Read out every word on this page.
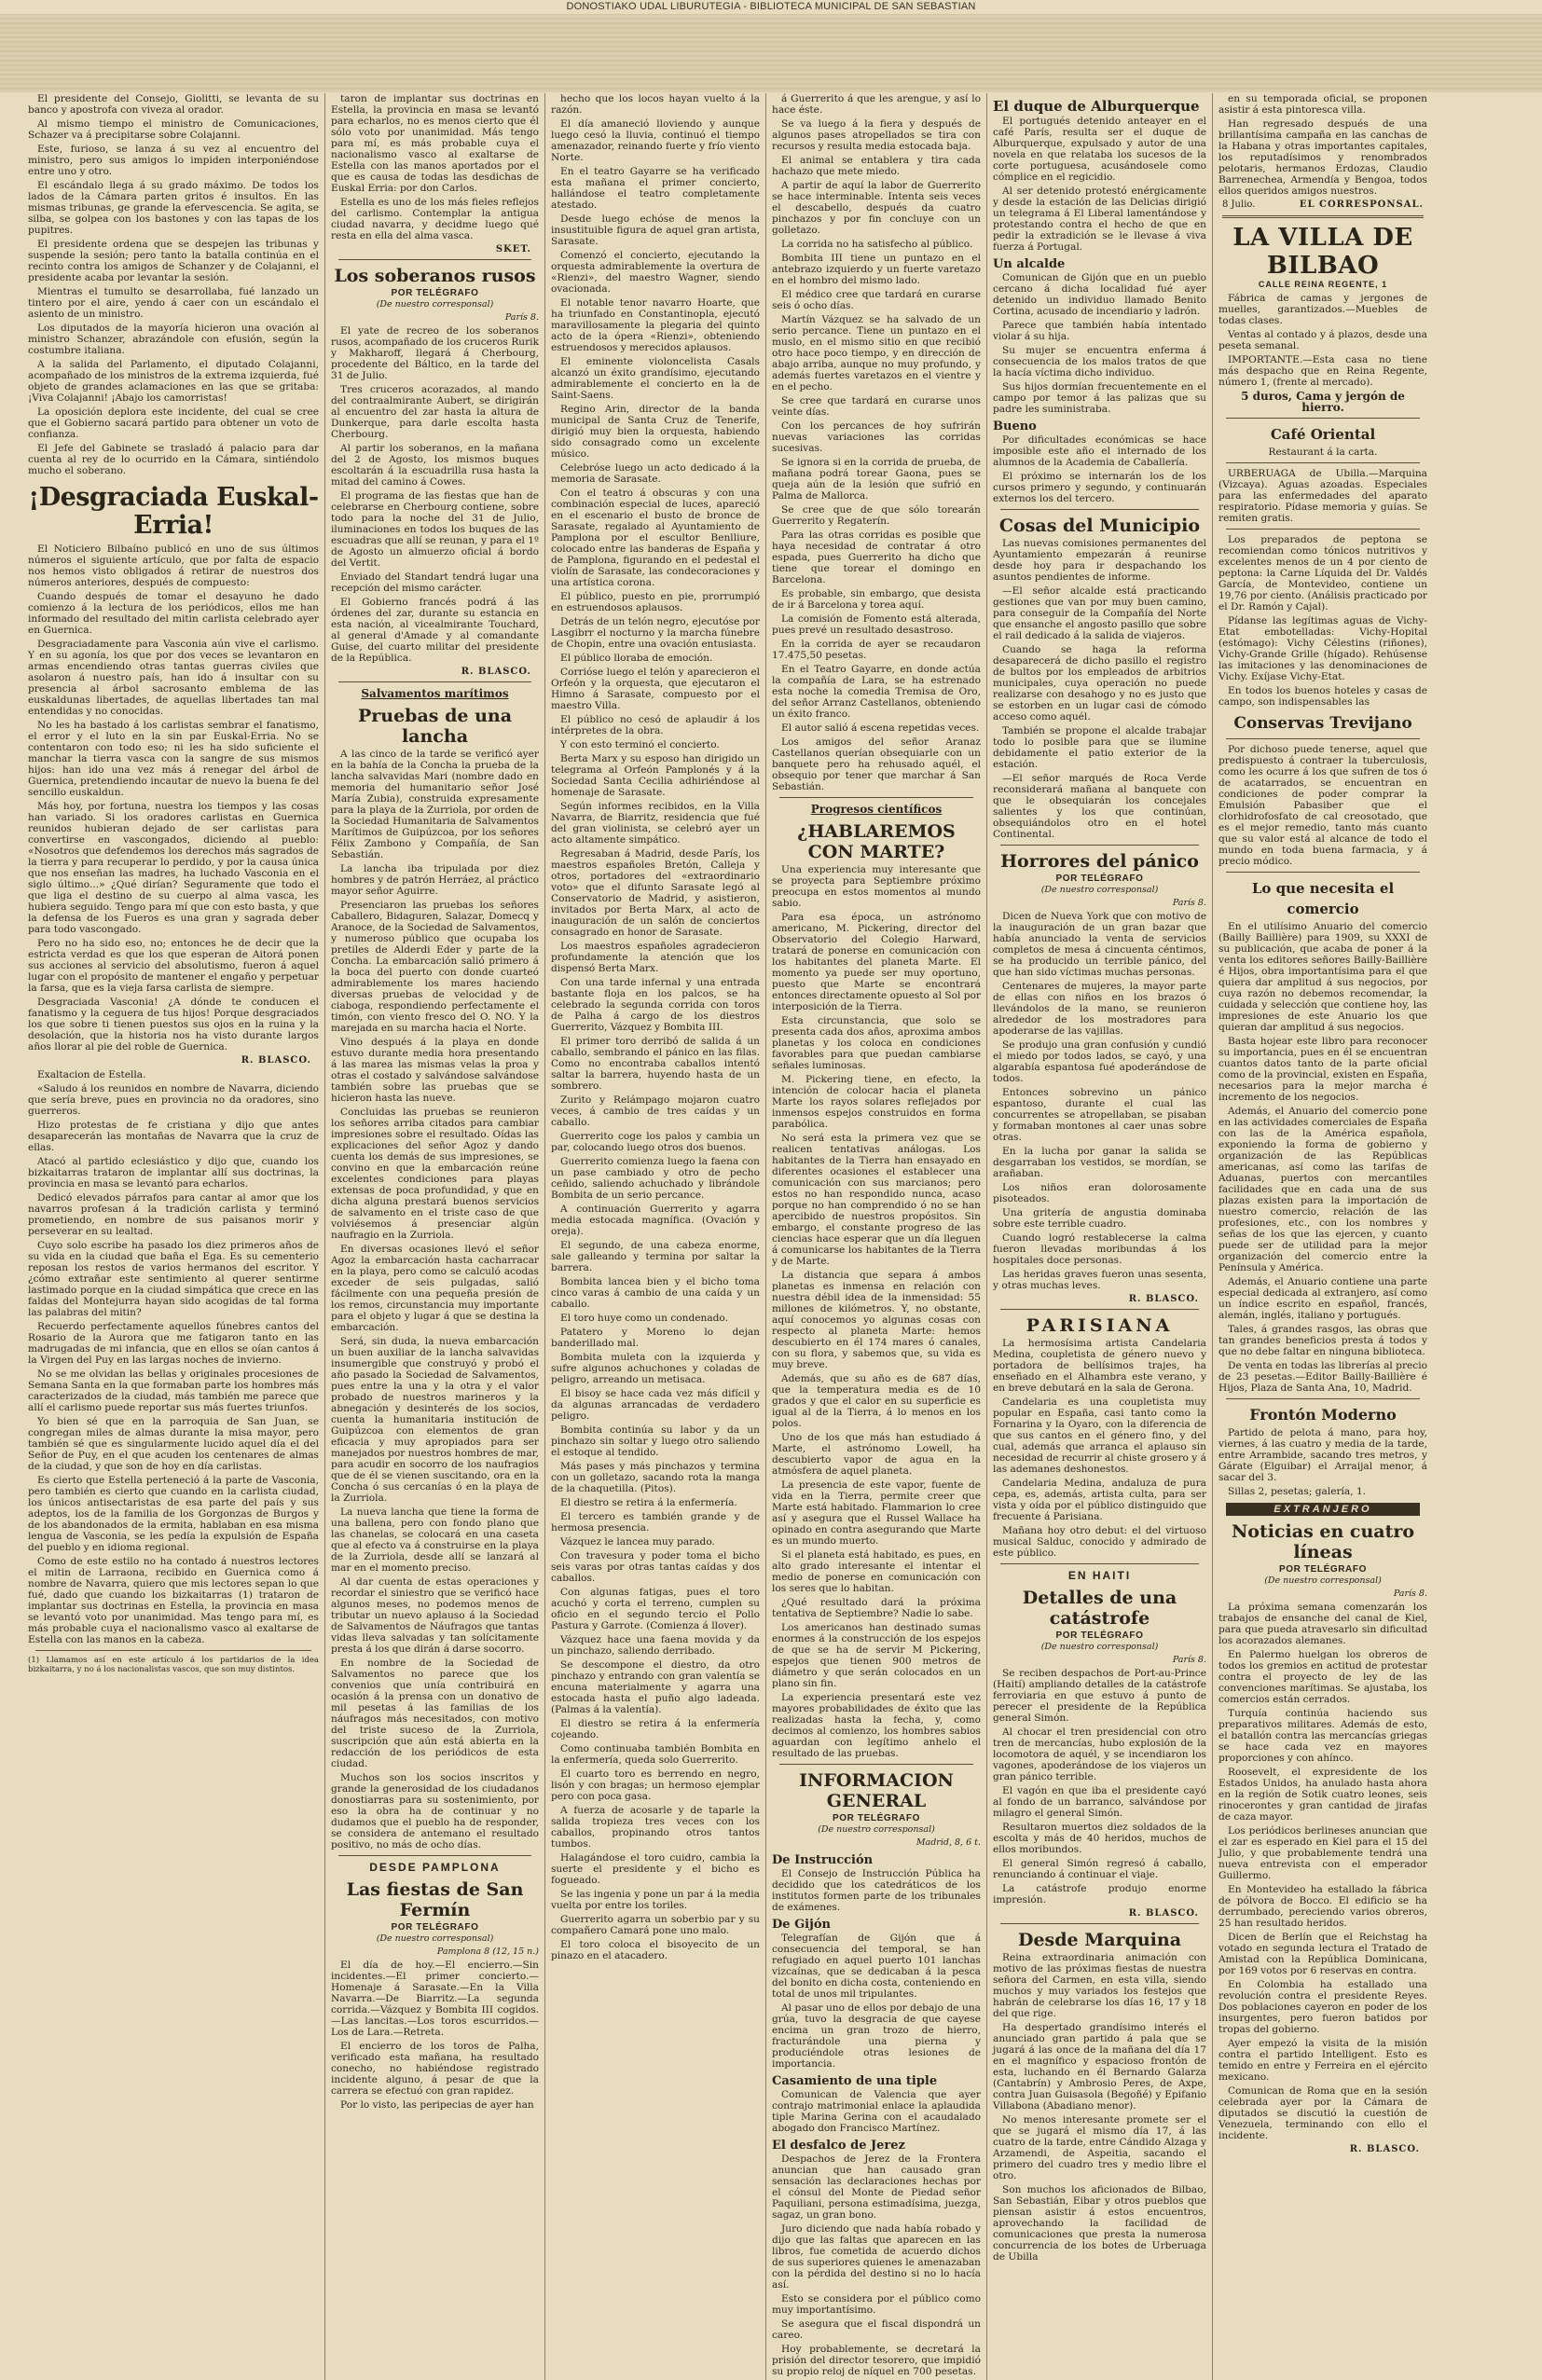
DONOSTIAKO UDAL LIBURUTEGIA - BIBLIOTECA MUNICIPAL DE SAN SEBASTIAN

El presidente del Consejo, Giolitti, se levanta de su banco y apostrofa con viveza al orador.

Al mismo tiempo el ministro de Comunicaciones, Schazer va á precipitarse sobre Colajanni.

Este, furioso, se lanza á su vez al encuentro del ministro, pero sus amigos lo impiden interponiéndose entre uno y otro.

El escándalo llega á su grado máximo. De todos los lados de la Cámara parten gritos é insultos. En las mismas tribunas, ge grande la efervescencia. Se agita, se silba, se golpea con los bastones y con las tapas de los pupitres.

El presidente ordena que se despejen las tribunas y suspende la sesión; pero tanto la batalla continúa en el recinto contra los amigos de Schanzer y de Colajanni, el presidente acaba por levantar la sesión.

Mientras el tumulto se desarrollaba, fué lanzado un tintero por el aire, yendo á caer con un escándalo el asiento de un ministro.

Los diputados de la mayoría hicieron una ovación al ministro Schanzer, abrazándole con efusión, según la costumbre italiana.

A la salida del Parlamento, el diputado Colajanni, acompañado de los ministros de la extrema izquierda, fué objeto de grandes aclamaciones en las que se gritaba: ¡Viva Colajanni! ¡Abajo los camorristas!

La oposición deplora este incidente, del cual se cree que el Gobierno sacará partido para obtener un voto de confianza.

El Jefe del Gabinete se trasladó á palacio para dar cuenta al rey de lo ocurrido en la Cámara, sintiéndolo mucho el soberano.

¡Desgraciada Euskal-Erria!

El Noticiero Bilbaíno publicó en uno de sus últimos números el siguiente artículo, que por falta de espacio nos hemos visto obligados á retirar de nuestros dos números anteriores, después de compuesto:

Cuando después de tomar el desayuno he dado comienzo á la lectura de los periódicos, ellos me han informado del resultado del mitin carlista celebrado ayer en Guernica.

Desgraciadamente para Vasconia aún vive el carlismo. Y en su agonía, los que por dos veces se levantaron en armas encendiendo otras tantas guerras civiles que asolaron á nuestro país, han ido á insultar con su presencia al árbol sacrosanto emblema de las euskaldunas libertades, de aquellas libertades tan mal entendidas y no conocidas.

No les ha bastado á los carlistas sembrar el fanatismo, el error y el luto en la sin par Euskal-Erria. No se contentaron con todo eso; ni les ha sido suficiente el manchar la tierra vasca con la sangre de sus mismos hijos: han ido una vez más á renegar del árbol de Guernica, pretendiendo incautar de nuevo la buena fe del sencillo euskaldun.

Más hoy, por fortuna, nuestra los tiempos y las cosas han variado. Si los oradores carlistas en Guernica reunidos hubieran dejado de ser carlistas para convertirse en vascongados, diciendo al pueblo: «Nosotros que defendemos los derechos más sagrados de la tierra y para recuperar lo perdido, y por la causa única que nos enseñan las madres, ha luchado Vasconia en el siglo último...» ¿Qué dirían? Seguramente que todo el que liga el destino de su cuerpo al alma vasca, les hubiera seguido. Tengo para mí que con esto basta, y que la defensa de los Fueros es una gran y sagrada deber para todo vascongado.

Pero no ha sido eso, no; entonces he de decir que la estricta verdad es que los que esperan de Aitorá ponen sus acciones al servicio del absolutismo, fueron á aquel lugar con el propósito de mantener el engaño y perpetuar la farsa, que es la vieja farsa carlista de siempre.

Desgraciada Vasconia! ¿A dónde te conducen el fanatismo y la ceguera de tus hijos! Porque desgraciados los que sobre ti tienen puestos sus ojos en la ruina y la desolación, que la historia nos ha visto durante largos años llorar al pie del roble de Guernica.

R. BLASCO.

Exaltacion de Estella.

«Saludo á los reunidos en nombre de Navarra, diciendo que sería breve, pues en provincia no da oradores, sino guerreros.

Hizo protestas de fe cristiana y dijo que antes desaparecerán las montañas de Navarra que la cruz de ellas.

Atacó al partido eclesiástico y dijo que, cuando los bizkaitarras trataron de implantar allí sus doctrinas, la provincia en masa se levantó para echarlos.

Dedicó elevados párrafos para cantar al amor que los navarros profesan á la tradición carlista y terminó prometiendo, en nombre de sus paisanos morir y perseverar en su lealtad.

Cuyo solo escribe ha pasado los diez primeros años de su vida en la ciudad que baña el Ega. Es su cementerio reposan los restos de varios hermanos del escritor. Y ¿cómo extrañar este sentimiento al querer sentirme lastimado porque en la ciudad simpática que crece en las faldas del Montejurra hayan sido acogidas de tal forma las palabras del mitin?

Recuerdo perfectamente aquellos fúnebres cantos del Rosario de la Aurora que me fatigaron tanto en las madrugadas de mi infancia, que en ellos se oían cantos á la Virgen del Puy en las largas noches de invierno.

No se me olvidan las bellas y originales procesiones de Semana Santa en la que formaban parte los hombres más caracterizados de la ciudad, más también me parece que allí el carlismo puede reportar sus más fuertes triunfos.

Yo bien sé que en la parroquia de San Juan, se congregan miles de almas durante la misa mayor, pero también sé que es singularmente lucido aquel día el del Señor de Puy, en el que acuden los centenares de almas de la ciudad, y que son de hoy en día carlistas.

Es cierto que Estella perteneció á la parte de Vasconia, pero también es cierto que cuando en la carlista ciudad, los únicos antisectaristas de esa parte del país y sus adeptos, los de la familia de los Gorgonzas de Burgos y de los abandonados de la ermita, hablaban en esa misma lengua de Vasconia, se les pedía la expulsión de España del pueblo y en idioma regional.

Como de este estilo no ha contado á nuestros lectores el mitin de Larraona, recibido en Guernica como á nombre de Navarra, quiero que mis lectores sepan lo que fué, dado que cuando los bizkaitarras (1) trataron de implantar sus doctrinas en Estella, la provincia en masa se levantó voto por unanimidad. Mas tengo para mí, es más probable cuya el nacionalismo vasco al exaltarse de Estella con las manos en la cabeza.

(1) Llamamos así en este artículo á los partidarios de la idea bizkaitarra, y no á los nacionalistas vascos, que son muy distintos.

taron de implantar sus doctrinas en Estella, la provincia en masa se levantó para echarlos, no es menos cierto que él sólo voto por unanimidad. Más tengo para mí, es más probable cuya el nacionalismo vasco al exaltarse de Estella con las manos aportados por el que es causa de todas las desdichas de Euskal Erria: por don Carlos.

Estella es uno de los más fieles reflejos del carlismo. Contemplar la antigua ciudad navarra, y decidme luego qué resta en ella del alma vasca.

SKET.
Los soberanos rusos
POR TELÉGRAFO

(De nuestro corresponsal)

París 8.

El yate de recreo de los soberanos rusos, acompañado de los cruceros Rurik y Makharoff, llegará á Cherbourg, procedente del Báltico, en la tarde del 31 de Julio.

Tres cruceros acorazados, al mando del contraalmirante Aubert, se dirigirán al encuentro del zar hasta la altura de Dunkerque, para darle escolta hasta Cherbourg.

Al partir los soberanos, en la mañana del 2 de Agosto, los mismos buques escoltarán á la escuadrilla rusa hasta la mitad del camino á Cowes.

El programa de las fiestas que han de celebrarse en Cherbourg contiene, sobre todo para la noche del 31 de Julio, iluminaciones en todos los buques de las escuadras que allí se reunan, y para el 1º de Agosto un almuerzo oficial á bordo del Vertit.

Enviado del Standart tendrá lugar una recepción del mismo carácter.

El Gobierno francés podrá á las órdenes del zar, durante su estancia en esta nación, al vicealmirante Touchard, al general d'Amade y al comandante Guise, del cuarto militar del presidente de la República.

R. BLASCO.
Salvamentos marítimos
Pruebas de una lancha

A las cinco de la tarde se verificó ayer en la bahía de la Concha la prueba de la lancha salvavidas Mari (nombre dado en memoria del humanitario señor José María Zubia), construida expresamente para la playa de la Zurriola, por orden de la Sociedad Humanitaria de Salvamentos Marítimos de Guipúzcoa, por los señores Félix Zambono y Compañía, de San Sebastián.

La lancha iba tripulada por diez hombres y de patrón Herráez, al práctico mayor señor Aguirre.

Presenciaron las pruebas los señores Caballero, Bidaguren, Salazar, Domecq y Aranoce, de la Sociedad de Salvamentos, y numeroso público que ocupaba los pretiles de Alderdi Eder y parte de la Concha. La embarcación salió primero á la boca del puerto con donde cuarteó admirablemente los mares haciendo diversas pruebas de velocidad y de ciaboga, respondiendo perfectamente el timón, con viento fresco del O. NO. Y la marejada en su marcha hacia el Norte.

Vino después á la playa en donde estuvo durante media hora presentando á las marea las mismas velas la proa y otras el costado y salvándose salvándose también sobre las pruebas que se hicieron hasta las nueve.

Concluidas las pruebas se reunieron los señores arriba citados para cambiar impresiones sobre el resultado. Oídas las explicaciones del señor Agoz y dando cuenta los demás de sus impresiones, se convino en que la embarcación reúne excelentes condiciones para playas extensas de poca profundidad, y que en dicha alguna prestará buenos servicios de salvamento en el triste caso de que volviésemos á presenciar algún naufragio en la Zurriola.

En diversas ocasiones llevó el señor Agoz la embarcación hasta cacharracar en la playa, pero como se calculó acodas exceder de seis pulgadas, salió fácilmente con una pequeña presión de los remos, circunstancia muy importante para el objeto y lugar á que se destina la embarcación.

Será, sin duda, la nueva embarcación un buen auxiliar de la lancha salvavidas insumergible que construyó y probó el año pasado la Sociedad de Salvamentos, pues entre la una y la otra y el valor probado de nuestros marineros y la abnegación y desinterés de los socios, cuenta la humanitaria institución de Guipúzcoa con elementos de gran eficacia y muy apropiados para ser manejados por nuestros hombres de mar, para acudir en socorro de los naufragios que de él se vienen suscitando, ora en la Concha ó sus cercanías ó en la playa de la Zurriola.

La nueva lancha que tiene la forma de una ballena, pero con fondo plano que las chanelas, se colocará en una caseta que al efecto va á construirse en la playa de la Zurriola, desde allí se lanzará al mar en el momento preciso.

Al dar cuenta de estas operaciones y recordar el siniestro que se verificó hace algunos meses, no podemos menos de tributar un nuevo aplauso á la Sociedad de Salvamentos de Náufragos que tantas vidas lleva salvadas y tan solícitamente presta á los que dirán á darse socorro.

En nombre de la Sociedad de Salvamentos no parece que los convenios que unía contribuirá en ocasión á la prensa con un donativo de mil pesetas á las familias de los náufragos más necesitados, con motivo del triste suceso de la Zurriola, suscripción que aún está abierta en la redacción de los periódicos de esta ciudad.

Muchos son los socios inscritos y grande la generosidad de los ciudadanos donostiarras para su sostenimiento, por eso la obra ha de continuar y no dudamos que el pueblo ha de responder, se considera de antemano el resultado positivo, no más de ocho días.

DESDE PAMPLONA
Las fiestas de San Fermín
POR TELÉGRAFO

(De nuestro corresponsal)

Pamplona 8 (12, 15 n.)

El día de hoy.—El encierro.—Sin incidentes.—El primer concierto.—Homenaje á Sarasate.—En la Villa Navarra.—De Biarritz.—La segunda corrida.—Vázquez y Bombita III cogidos.—Las lancitas.—Los toros escurridos.—Los de Lara.—Retreta.

El encierro de los toros de Palha, verificado esta mañana, ha resultado conecho, no habiéndose registrado incidente alguno, á pesar de que la carrera se efectuó con gran rapidez.

Por lo visto, las peripecias de ayer han

hecho que los locos hayan vuelto á la razón.

El día amaneció lloviendo y aunque luego cesó la lluvia, continuó el tiempo amenazador, reinando fuerte y frío viento Norte.

En el teatro Gayarre se ha verificado esta mañana el primer concierto, hallándose el teatro completamente atestado.

Desde luego echóse de menos la insustituible figura de aquel gran artista, Sarasate.

Comenzó el concierto, ejecutando la orquesta admirablemente la overtura de «Rienzi», del maestro Wagner, siendo ovacionada.

El notable tenor navarro Hoarte, que ha triunfado en Constantinopla, ejecutó maravillosamente la plegaria del quinto acto de la ópera «Rienzi», obteniendo estruendosos y merecidos aplausos.

El eminente violoncelista Casals alcanzó un éxito grandísimo, ejecutando admirablemente el concierto en la de Saint-Saens.

Regino Arin, director de la banda municipal de Santa Cruz de Tenerife, dirigió muy bien la orquesta, habiendo sido consagrado como un excelente músico.

Celebróse luego un acto dedicado á la memoria de Sarasate.

Con el teatro á obscuras y con una combinación especial de luces, apareció en el escenario el busto de bronce de Sarasate, regalado al Ayuntamiento de Pamplona por el escultor Benlliure, colocado entre las banderas de España y de Pamplona, figurando en el pedestal el violín de Sarasate, las condecoraciones y una artística corona.

El público, puesto en pie, prorrumpió en estruendosos aplausos.

Detrás de un telón negro, ejecutóse por Lasgibrr el nocturno y la marcha fúnebre de Chopin, entre una ovación entusiasta.

El público lloraba de emoción.

Corrióse luego el telón y aparecieron el Orfeón y la orquesta, que ejecutaron el Himno á Sarasate, compuesto por el maestro Villa.

El público no cesó de aplaudir á los intérpretes de la obra.

Y con esto terminó el concierto.

Berta Marx y su esposo han dirigido un telegrama al Orfeón Pamplonés y á la Sociedad Santa Cecilia adhiriéndose al homenaje de Sarasate.

Según informes recibidos, en la Villa Navarra, de Biarritz, residencia que fué del gran violinista, se celebró ayer un acto altamente simpático.

Regresaban á Madrid, desde París, los maestros españoles Bretón, Calleja y otros, portadores del «extraordinario voto» que el difunto Sarasate legó al Conservatorio de Madrid, y asistieron, invitados por Berta Marx, al acto de inauguración de un salón de conciertos consagrado en honor de Sarasate.

Los maestros españoles agradecieron profundamente la atención que los dispensó Berta Marx.

Con una tarde infernal y una entrada bastante floja en los palcos, se ha celebrado la segunda corrida con toros de Palha á cargo de los diestros Guerrerito, Vázquez y Bombita III.

El primer toro derribó de salida á un caballo, sembrando el pánico en las filas. Como no encontraba caballos intentó saltar la barrera, huyendo hasta de un sombrero.

Zurito y Relámpago mojaron cuatro veces, á cambio de tres caídas y un caballo.

Guerrerito coge los palos y cambia un par, colocando luego otros dos buenos.

Guerrerito comienza luego la faena con un pase cambiado y otro de pecho ceñido, saliendo achuchado y librándole Bombita de un serio percance.

A continuación Guerrerito y agarra media estocada magnífica. (Ovación y oreja).

El segundo, de una cabeza enorme, sale galleando y termina por saltar la barrera.

Bombita lancea bien y el bicho toma cinco varas á cambio de una caída y un caballo.

El toro huye como un condenado.

Patatero y Moreno lo dejan banderillado mal.

Bombita muleta con la izquierda y sufre algunos achuchones y coladas de peligro, arreando un metisaca.

El bisoy se hace cada vez más difícil y da algunas arrancadas de verdadero peligro.

Bombita continúa su labor y da un pinchazo sin soltar y luego otro saliendo el estoque al tendido.

Más pases y más pinchazos y termina con un golletazo, sacando rota la manga de la chaquetilla. (Pitos).

El diestro se retira á la enfermería.

El tercero es también grande y de hermosa presencia.

Vázquez le lancea muy parado.

Con travesura y poder toma el bicho seis varas por otras tantas caídas y dos caballos.

Con algunas fatigas, pues el toro acuchó y corta el terreno, cumplen su oficio en el segundo tercio el Pollo Pastura y Garrote. (Comienza á llover).

Vázquez hace una faena movida y da un pinchazo, saliendo derribado.

Se descompone el diestro, da otro pinchazo y entrando con gran valentía se encuna materialmente y agarra una estocada hasta el puño algo ladeada. (Palmas á la valentía).

El diestro se retira á la enfermería cojeando.

Como continuaba también Bombita en la enfermería, queda solo Guerrerito.

El cuarto toro es berrendo en negro, lisón y con bragas; un hermoso ejemplar pero con poca gasa.

A fuerza de acosarle y de taparle la salida tropieza tres veces con los caballos, propinando otros tantos tumbos.

Halagándose el toro cuidro, cambia la suerte el presidente y el bicho es fogueado.

Se las ingenia y pone un par á la media vuelta por entre los toriles.

Guerrerito agarra un soberbio par y su compañero Camará pone uno malo.

El toro coloca el bisoyecito de un pinazo en el atacadero.

á Guerrerito á que les arengue, y así lo hace éste.

Se va luego á la fiera y después de algunos pases atropellados se tira con recursos y resulta media estocada baja.

El animal se entablera y tira cada hachazo que mete miedo.

A partir de aquí la labor de Guerrerito se hace interminable. Intenta seis veces el descabello, después da cuatro pinchazos y por fin concluye con un golletazo.

La corrida no ha satisfecho al público.

Bombita III tiene un puntazo en el antebrazo izquierdo y un fuerte varetazo en el hombro del mismo lado.

El médico cree que tardará en curarse seis ó ocho días.

Martín Vázquez se ha salvado de un serio percance. Tiene un puntazo en el muslo, en el mismo sitio en que recibió otro hace poco tiempo, y en dirección de abajo arriba, aunque no muy profundo, y además fuertes varetazos en el vientre y en el pecho.

Se cree que tardará en curarse unos veinte días.

Con los percances de hoy sufrirán nuevas variaciones las corridas sucesivas.

Se ignora si en la corrida de prueba, de mañana podrá torear Gaona, pues se queja aún de la lesión que sufrió en Palma de Mallorca.

Se cree que de que sólo torearán Guerrerito y Regaterín.

Para las otras corridas es posible que haya necesidad de contratar á otro espada, pues Guerrerito ha dicho que tiene que torear el domingo en Barcelona.

Es probable, sin embargo, que desista de ir á Barcelona y torea aquí.

La comisión de Fomento está alterada, pues prevé un resultado desastroso.

En la corrida de ayer se recaudaron 17.475,50 pesetas.

En el Teatro Gayarre, en donde actúa la compañía de Lara, se ha estrenado esta noche la comedia Tremisa de Oro, del señor Arranz Castellanos, obteniendo un éxito franco.

El autor salió á escena repetidas veces.

Los amigos del señor Aranaz Castellanos querían obsequiarle con un banquete pero ha rehusado aquél, el obsequio por tener que marchar á San Sebastián.

Progresos científicos
¿HABLAREMOS CON MARTE?

Una experiencia muy interesante que se proyecta para Septiembre próximo preocupa en estos momentos al mundo sabio.

Para esa época, un astrónomo americano, M. Pickering, director del Observatorio del Colegio Harward, tratará de ponerse en comunicación con los habitantes del planeta Marte. El momento ya puede ser muy oportuno, puesto que Marte se encontrará entonces directamente opuesto al Sol por interposición de la Tierra.

Esta circunstancia, que solo se presenta cada dos años, aproxima ambos planetas y los coloca en condiciones favorables para que puedan cambiarse señales luminosas.

M. Pickering tiene, en efecto, la intención de colocar hacia el planeta Marte los rayos solares reflejados por inmensos espejos construidos en forma parabólica.

No será esta la primera vez que se realicen tentativas análogas. Los habitantes de la Tierra han ensayado en diferentes ocasiones el establecer una comunicación con sus marcianos; pero estos no han respondido nunca, acaso porque no han comprendido ó no se han apercibido de nuestros propósitos. Sin embargo, el constante progreso de las ciencias hace esperar que un día lleguen á comunicarse los habitantes de la Tierra y de Marte.

La distancia que separa á ambos planetas es inmensa en relación con nuestra débil idea de la inmensidad: 55 millones de kilómetros. Y, no obstante, aquí conocemos yo algunas cosas con respecto al planeta Marte: hemos descubierto en él 174 mares ó canales, con su flora, y sabemos que, su vida es muy breve.

Además, que su año es de 687 días, que la temperatura media es de 10 grados y que el calor en su superficie es igual al de la Tierra, á lo menos en los polos.

Uno de los que más han estudiado á Marte, el astrónomo Lowell, ha descubierto vapor de agua en la atmósfera de aquel planeta.

La presencia de este vapor, fuente de vida en la Tierra, permite creer que Marte está habitado. Flammarion lo cree así y asegura que el Russel Wallace ha opinado en contra asegurando que Marte es un mundo muerto.

Si el planeta está habitado, es pues, en alto grado interesante el intentar el medio de ponerse en comunicación con los seres que lo habitan.

¿Qué resultado dará la próxima tentativa de Septiembre? Nadie lo sabe.

Los americanos han destinado sumas enormes á la construcción de los espejos de que se ha de servir M Pickering, espejos que tienen 900 metros de diámetro y que serán colocados en un plano sin fin.

La experiencia presentará este vez mayores probabilidades de éxito que las realizadas hasta la fecha, y, como decimos al comienzo, los hombres sabios aguardan con legítimo anhelo el resultado de las pruebas.

INFORMACION GENERAL
POR TELÉGRAFO

(De nuestro corresponsal)

Madrid, 8, 6 t.

De Instrucción

El Consejo de Instrucción Pública ha decidido que los catedráticos de los institutos formen parte de los tribunales de exámenes.

De Gijón

Telegrafían de Gijón que á consecuencia del temporal, se han refugiado en aquel puerto 101 lanchas vizcaínas, que se dedicaban á la pesca del bonito en dicha costa, conteniendo en total de unos mil tripulantes.

Al pasar uno de ellos por debajo de una grúa, tuvo la desgracia de que cayese encima un gran trozo de hierro, fracturándole una pierna y produciéndole otras lesiones de importancia.

Casamiento de una tiple

Comunican de Valencia que ayer contrajo matrimonial enlace la aplaudida tiple Marina Gerina con el acaudalado abogado don Francisco Martínez.

El desfalco de Jerez

Despachos de Jerez de la Frontera anuncian que han causado gran sensación las declaraciones hechas por el cónsul del Monte de Piedad señor Paquiliani, persona estimadísima, juezga, sagaz, un gran bono.

Juro diciendo que nada había robado y dijo que las faltas que aparecen en las libros, fue cometida de acuerdo dichos de sus superiores quienes le amenazaban con la pérdida del destino si no lo hacía así.

Esto se considera por el público como muy importantísimo.

Se asegura que el fiscal dispondrá un careo.

Hoy probablemente, se decretará la prisión del director tesorero, que impidió su propio reloj de níquel en 700 pesetas.

El duque de Alburquerque

El portugués detenido anteayer en el café París, resulta ser el duque de Alburquerque, expulsado y autor de una novela en que relataba los sucesos de la corte portuguesa, acusándosele como cómplice en el regicidio.

Al ser detenido protestó enérgicamente y desde la estación de las Delicias dirigió un telegrama á El Liberal lamentándose y protestando contra el hecho de que en pedir la extradición se le llevase á viva fuerza á Portugal.

Un alcalde

Comunican de Gijón que en un pueblo cercano á dicha localidad fué ayer detenido un individuo llamado Benito Cortina, acusado de incendiario y ladrón.

Parece que también había intentado violar á su hija.

Su mujer se encuentra enferma á consecuencia de los malos tratos de que la hacía víctima dicho individuo.

Sus hijos dormían frecuentemente en el campo por temor á las palizas que su padre les suministraba.

Bueno

Por dificultades económicas se hace imposible este año el internado de los alumnos de la Academia de Caballería.

El próximo se internarán los de los cursos primero y segundo, y continuarán externos los del tercero.

Cosas del Municipio

Las nuevas comisiones permanentes del Ayuntamiento empezarán á reunirse desde hoy para ir despachando los asuntos pendientes de informe.

—El señor alcalde está practicando gestiones que van por muy buen camino, para conseguir de la Compañía del Norte que ensanche el angosto pasillo que sobre el rail dedicado á la salida de viajeros.

Cuando se haga la reforma desaparecerá de dicho pasillo el registro de bultos por los empleados de arbitrios municipales, cuya operación no puede realizarse con desahogo y no es justo que se estorben en un lugar casi de cómodo acceso como aquél.

También se propone el alcalde trabajar todo lo posible para que se ilumine debidamente el patio exterior de la estación.

—El señor marqués de Roca Verde reconsiderará mañana al banquete con que le obsequiarán los concejales salientes y los que continúan, obsequiándolos otro en el hotel Continental.

Horrores del pánico
POR TELÉGRAFO

(De nuestro corresponsal)

París 8.

Dicen de Nueva York que con motivo de la inauguración de un gran bazar que había anunciado la venta de servicios completos de mesa á cincuenta céntimos, se ha producido un terrible pánico, del que han sido víctimas muchas personas.

Centenares de mujeres, la mayor parte de ellas con niños en los brazos ó llevándolos de la mano, se reunieron alrededor de los mostradores para apoderarse de las vajillas.

Se produjo una gran confusión y cundió el miedo por todos lados, se cayó, y una algarabía espantosa fué apoderándose de todos.

Entonces sobrevino un pánico espantoso, durante el cual las concurrentes se atropellaban, se pisaban y formaban montones al caer unas sobre otras.

En la lucha por ganar la salida se desgarraban los vestidos, se mordían, se arañaban.

Los niños eran dolorosamente pisoteados.

Una gritería de angustia dominaba sobre este terrible cuadro.

Cuando logró restablecerse la calma fueron llevadas moribundas á los hospitales doce personas.

Las heridas graves fueron unas sesenta, y otras muchas leves.

R. BLASCO.
PARISIANA

La hermosísima artista Candelaria Medina, coupletista de género nuevo y portadora de bellísimos trajes, ha enseñado en el Alhambra este verano, y en breve debutará en la sala de Gerona.

Candelaria es una coupletista muy popular en España, casi tanto como la Fornarina y la Oyaro, con la diferencia de que sus cantos en el género fino, y del cual, además que arranca el aplauso sin necesidad de recurrir al chiste grosero y á las ademanes deshonestos.

Candelaria Medina, andaluza de pura cepa, es, además, artista culta, para ser vista y oída por el público distinguido que frecuente á Parisiana.

Mañana hoy otro debut: el del virtuoso musical Salduc, conocido y admirado de este público.

EN HAITI
Detalles de una catástrofe
POR TELÉGRAFO

(De nuestro corresponsal)

París 8.

Se reciben despachos de Port-au-Prince (Haití) ampliando detalles de la catástrofe ferroviaria en que estuvo á punto de perecer el presidente de la República general Simón.

Al chocar el tren presidencial con otro tren de mercancías, hubo explosión de la locomotora de aquél, y se incendiaron los vagones, apoderándose de los viajeros un gran pánico terrible.

El vagón en que iba el presidente cayó al fondo de un barranco, salvándose por milagro el general Simón.

Resultaron muertos diez soldados de la escolta y más de 40 heridos, muchos de ellos moribundos.

El general Simón regresó á caballo, renunciando á continuar el viaje.

La catástrofe produjo enorme impresión.

R. BLASCO.
Desde Marquina

Reina extraordinaria animación con motivo de las próximas fiestas de nuestra señora del Carmen, en esta villa, siendo muchos y muy variados los festejos que habrán de celebrarse los días 16, 17 y 18 del que rige.

Ha despertado grandísimo interés el anunciado gran partido á pala que se jugará á las once de la mañana del día 17 en el magnífico y espacioso frontón de esta, luchando en él Bernardo Galarza (Cantabrín) y Ambrosio Peres, de Axpe, contra Juan Guisasola (Begoñé) y Epifanio Villabona (Abadiano menor).

No menos interesante promete ser el que se jugará el mismo día 17, á las cuatro de la tarde, entre Cándido Alzaga y Arzamendi, de Aspeitia, sacando el primero del cuadro tres y medio libre el otro.

Son muchos los aficionados de Bilbao, San Sebastián, Eibar y otros pueblos que piensan asistir á estos encuentros, aprovechando la facilidad de comunicaciones que presta la numerosa concurrencia de los botes de Urberuaga de Ubilla

en su temporada oficial, se proponen asistir á esta pintoresca villa.

Han regresado después de una brillantísima campaña en las canchas de la Habana y otras importantes capitales, los reputadísimos y renombrados pelotaris, hermanos Erdozas, Claudio Barrenechea, Armendía y Bengoa, todos ellos queridos amigos nuestros.

8 Julio.	EL CORRESPONSAL.
LA VILLA DE BILBAO
CALLE REINA REGENTE, 1

Fábrica de camas y jergones de muelles, garantizados.—Muebles de todas clases.

Ventas al contado y á plazos, desde una peseta semanal.

IMPORTANTE.—Esta casa no tiene más despacho que en Reina Regente, número 1, (frente al mercado).

5 duros, Cama y jergón de hierro.

Café Oriental

Restaurant á la carta.

URBERUAGA de Ubilla.—Marquina (Vizcaya). Aguas azoadas. Especiales para las enfermedades del aparato respiratorio. Pídase memoria y guías. Se remiten gratis.

Los preparados de peptona se recomiendan como tónicos nutritivos y excelentes menos de un 4 por ciento de peptona: la Carne Líquida del Dr. Valdés García, de Montevideo, contiene un 19,76 por ciento. (Análisis practicado por el Dr. Ramón y Cajal).

Pídanse las legítimas aguas de Vichy-Etat embotelladas: Vichy-Hopital (estómago): Vichy Célestins (riñones), Vichy-Grande Grille (hígado). Rehúsense las imitaciones y las denominaciones de Vichy. Exíjase Vichy-Etat.

En todos los buenos hoteles y casas de campo, son indispensables las

Conservas Trevijano

Por dichoso puede tenerse, aquel que predispuesto á contraer la tuberculosis, como les ocurre á los que sufren de tos ó de acatarrados, se encuentran en condiciones de poder comprar la Emulsión Pabasiber que el clorhidrofosfato de cal creosotado, que es el mejor remedio, tanto más cuanto que su valor está al alcance de todo el mundo en toda buena farmacia, y á precio módico.

Lo que necesita el comercio

En el utilísimo Anuario del comercio (Bailly Baillière) para 1909, su XXXI de su publicación, que acaba de poner á la venta los editores señores Bailly-Baillière é Hijos, obra importantísima para el que quiera dar amplitud á sus negocios, por cuya razón no debemos recomendar, la cuidada y selección que contiene hoy, las impresiones de este Anuario los que quieran dar amplitud á sus negocios.

Basta hojear este libro para reconocer su importancia, pues en él se encuentran cuantos datos tanto de la parte oficial como de la provincial, existen en España, necesarios para la mejor marcha é incremento de los negocios.

Además, el Anuario del comercio pone en las actividades comerciales de España con las de la América española, exponiendo la forma de gobierno y organización de las Repúblicas americanas, así como las tarifas de Aduanas, puertos con mercantiles facilidades que en cada una de sus plazas existen para la importación de nuestro comercio, relación de las profesiones, etc., con los nombres y señas de los que las ejercen, y cuanto puede ser de utilidad para la mejor organización del comercio entre la Península y América.

Además, el Anuario contiene una parte especial dedicada al extranjero, así como un índice escrito en español, francés, alemán, inglés, italiano y portugués.

Tales, á grandes rasgos, las obras que tan grandes beneficios presta á todos y que no debe faltar en ninguna biblioteca.

De venta en todas las librerías al precio de 23 pesetas.—Editor Bailly-Baillière é Hijos, Plaza de Santa Ana, 10, Madrid.

Frontón Moderno

Partido de pelota á mano, para hoy, viernes, á las cuatro y media de la tarde, entre Arrambide, sacando tres metros, y Gárate (Elguibar) el Arraijal menor, á sacar del 3.

Sillas 2, pesetas; galería, 1.

EXTRANJERO
Noticias en cuatro líneas
POR TELÉGRAFO

(De nuestro corresponsal)

París 8.

La próxima semana comenzarán los trabajos de ensanche del canal de Kiel, para que pueda atravesarlo sin dificultad los acorazados alemanes.

En Palermo huelgan los obreros de todos los gremios en actitud de protestar contra el proyecto de ley de las convenciones marítimas. Se ajustaba, los comercios están cerrados.

Turquía continúa haciendo sus preparativos militares. Además de esto, el batallón contra las mercancías griegas se hace cada vez en mayores proporciones y con ahínco.

Roosevelt, el expresidente de los Estados Unidos, ha anulado hasta ahora en la región de Sotik cuatro leones, seis rinocerontes y gran cantidad de jirafas de caza mayor.

Los periódicos berlineses anuncian que el zar es esperado en Kiel para el 15 del Julio, y que probablemente tendrá una nueva entrevista con el emperador Guillermo.

En Montevideo ha estallado la fábrica de pólvora de Bocco. El edificio se ha derrumbado, pereciendo varios obreros, 25 han resultado heridos.

Dicen de Berlín que el Reichstag ha votado en segunda lectura el Tratado de Amistad con la República Dominicana, por 169 votos por 6 reservas en contra.

En Colombia ha estallado una revolución contra el presidente Reyes. Dos poblaciones cayeron en poder de los insurgentes, pero fueron batidos por tropas del gobierno.

Ayer empezó la visita de la misión contra el partido Intelligent. Esto es temido en entre y Ferreira en el ejército mexicano.

Comunican de Roma que en la sesión celebrada ayer por la Cámara de diputados se discutió la cuestión de Venezuela, terminando con ello el incidente.

R. BLASCO.
